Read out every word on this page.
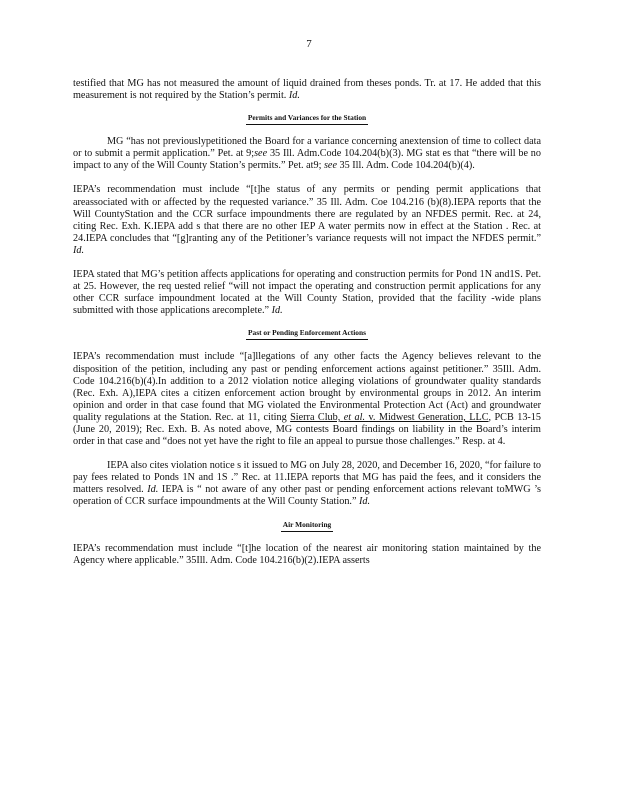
7

testified that MG has not measured the amount of liquid drained from theses ponds. Tr. at 17. He added that this measurement is not required by the Station’s permit. Id.

Permits and Variances for the Station

MG “has not previouslypetitioned the Board for a variance concerning anextension of time to collect data or to submit a permit application.” Pet. at 9;see 35 Ill. Adm.Code 104.204(b)(3). MG stat es that “there will be no impact to any of the Will County Station’s permits.” Pet. at9; see 35 Ill. Adm. Code 104.204(b)(4).

IEPA’s recommendation must include “[t]he status of any permits or pending permit applications that areassociated with or affected by the requested variance.” 35 Ill. Adm. Coe 104.216 (b)(8).IEPA reports that the Will CountyStation and the CCR surface impoundments there are regulated by an NFDES permit. Rec. at 24, citing Rec. Exh. K.IEPA add s that there are no other IEP A water permits now in effect at the Station . Rec. at 24.IEPA concludes that “[g]ranting any of the Petitioner’s variance requests will not impact the NFDES permit.” Id.

IEPA stated that MG’s petition affects applications for operating and construction permits for Pond 1N and1S. Pet. at 25. However, the req uested relief “will not impact the operating and construction permit applications for any other CCR surface impoundment located at the Will County Station, provided that the facility -wide plans submitted with those applications arecomplete.” Id.

Past or Pending Enforcement Actions

IEPA’s recommendation must include “[a]llegations of any other facts the Agency believes relevant to the disposition of the petition, including any past or pending enforcement actions against petitioner.” 35Ill. Adm. Code 104.216(b)(4).In addition to a 2012 violation notice alleging violations of groundwater quality standards (Rec. Exh. A),IEPA cites a citizen enforcement action brought by environmental groups in 2012. An interim opinion and order in that case found that MG violated the Environmental Protection Act (Act) and groundwater quality regulations at the Station. Rec. at 11, citing Sierra Club, et al. v. Midwest Generation, LLC, PCB 13-15 (June 20, 2019); Rec. Exh. B. As noted above, MG contests Board findings on liability in the Board’s interim order in that case and “does not yet have the right to file an appeal to pursue those challenges.” Resp. at 4.

IEPA also cites violation notice s it issued to MG on July 28, 2020, and December 16, 2020, “for failure to pay fees related to Ponds 1N and 1S .” Rec. at 11.IEPA reports that MG has paid the fees, and it considers the matters resolved. Id. IEPA is “ not aware of any other past or pending enforcement actions relevant toMWG ’s operation of CCR surface impoundments at the Will County Station.” Id.

Air Monitoring

IEPA’s recommendation must include “[t]he location of the nearest air monitoring station maintained by the Agency where applicable.” 35Ill. Adm. Code 104.216(b)(2).IEPA asserts
